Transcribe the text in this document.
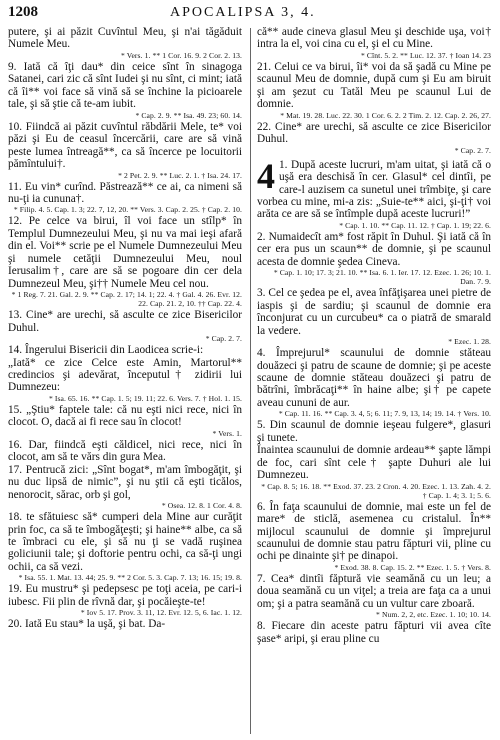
1208	APOCALIPSA 3, 4.

putere, şi ai păzit Cuvîntul Meu, şi n'ai tăgăduit Numele Meu.

* Vers. 1. ** 1 Cor. 16. 9. 2 Cor. 2. 13.

9. Iată că îţi dau* din ceice sînt în sinagoga Satanei, cari zic că sînt Iudei şi nu sînt, ci mint; iată că îi** voi face să vină să se închine la picioarele tale, şi să ştie că te-am iubit.

* Cap. 2. 9. ** Isa. 49. 23; 60. 14.

10. Fiindcă ai păzit cuvîntul răbdării Mele, te* voi păzi şi Eu de ceasul încercării, care are să vină peste lumea întreagă**, ca să încerce pe locuitorii pămîntului†.

* 2 Pet. 2. 9. ** Luc. 2. 1. † Isa. 24. 17.

11. Eu vin* curînd. Păstrează** ce ai, ca nimeni să nu-ţi ia cununa†.

* Filip. 4. 5. Cap. 1. 3; 22. 7, 12, 20. ** Vers. 3. Cap. 2. 25. † Cap. 2. 10.

12. Pe celce va birui, îl voi face un stîlp* în Templul Dumnezeului Meu, şi nu va mai ieşi afară din el. Voi** scrie pe el Numele Dumnezeului Meu şi numele cetăţii Dumnezeului Meu, noul Ierusalim†, care are să se pogoare din cer dela Dumnezeul Meu, şi†† Numele Meu cel nou.

* 1 Reg. 7. 21. Gal. 2. 9. ** Cap. 2. 17; 14. 1; 22. 4. † Gal. 4. 26. Evr. 12. 22. Cap. 21. 2, 10. †† Cap. 22. 4.

13. Cine* are urechi, să asculte ce zice Bisericilor Duhul.

* Cap. 2. 7.

14. Îngerului Bisericii din Laodicea scrie-i:

„Iată* ce zice Celce este Amin, Martorul** credincios şi adevărat, începutul† zidirii lui Dumnezeu:

* Isa. 65. 16. ** Cap. 1. 5; 19. 11; 22. 6. Vers. 7. † Hol. 1. 15.

15. „Ştiu* faptele tale: că nu eşti nici rece, nici în clocot. O, dacă ai fi rece sau în clocot!

* Vers. 1.

16. Dar, fiindcă eşti căldicel, nici rece, nici în clocot, am să te vărs din gura Mea.

17. Pentrucă zici: „Sînt bogat*, m'am îmbogăţit, şi nu duc lipsă de nimic”, şi nu ştii că eşti ticălos, nenorocit, sărac, orb şi gol,

* Osea. 12. 8. 1 Cor. 4. 8.

18. te sfătuiesc să* cumperi dela Mine aur curăţit prin foc, ca să te îmbogăţeşti; şi haine** albe, ca să te îmbraci cu ele, şi să nu ţi se vadă ruşinea goliciunii tale; şi doftorie pentru ochi, ca să-ţi ungi ochii, ca să vezi.

* Isa. 55. 1. Mat. 13. 44; 25. 9. ** 2 Cor. 5. 3. Cap. 7. 13; 16. 15; 19. 8.

19. Eu mustru* şi pedepsesc pe toţi aceia, pe cari-i iubesc. Fii plin de rîvnă dar, şi pocăieşte-te!

* Iov 5. 17. Prov. 3. 11, 12. Evr. 12. 5, 6. Iac. 1. 12.

20. Iată Eu stau* la uşă, şi bat. Da-

că** aude cineva glasul Meu şi deschide uşa, voi† intra la el, voi cina cu el, şi el cu Mine.

* Cînt. 5. 2. ** Luc. 12. 37. † Ioan 14. 23

21. Celui ce va birui, îi* voi da să şadă cu Mine pe scaunul Meu de domnie, după cum şi Eu am biruit şi am şezut cu Tatăl Meu pe scaunul Lui de domnie.

* Mat. 19. 28. Luc. 22. 30. 1 Cor. 6. 2. 2 Tim. 2. 12. Cap. 2. 26, 27.

22. Cine* are urechi, să asculte ce zice Bisericilor Duhul.

* Cap. 2. 7.

4 1. După aceste lucruri, m'am uitat, şi iată că o uşă era deschisă în cer. Glasul* cel dintîi, pe care-l auzisem ca sunetul unei trîmbiţe, şi care vorbea cu mine, mi-a zis: „Suie-te** aici, şi-ţi† voi arăta ce are să se întîmple după aceste lucruri!”

* Cap. 1. 10. ** Cap. 11. 12. † Cap. 1. 19; 22. 6.

2. Numaidecît am* fost răpit în Duhul. Şi iată că în cer era pus un scaun** de domnie, şi pe scaunul acesta de domnie şedea Cineva.

* Cap. 1. 10; 17. 3; 21. 10. ** Isa. 6. 1. Ier. 17. 12. Ezec. 1. 26; 10. 1. Dan. 7. 9.

3. Cel ce şedea pe el, avea înfăţişarea unei pietre de iaspis şi de sardiu; şi scaunul de domnie era înconjurat cu un curcubeu* ca o piatră de smarald la vedere.

* Ezec. 1. 28.

4. Împrejurul* scaunului de domnie stăteau douăzeci şi patru de scaune de domnie; şi pe aceste scaune de domnie stăteau douăzeci şi patru de bătrîni, îmbrăcaţi** în haine albe; şi† pe capete aveau cununi de aur.

* Cap. 11. 16. ** Cap. 3. 4, 5; 6. 11; 7. 9, 13, 14; 19. 14. † Vers. 10.

5. Din scaunul de domnie ieşeau fulgere*, glasuri şi tunete.

Înaintea scaunului de domnie ardeau** şapte lămpi de foc, cari sînt cele† şapte Duhuri ale lui Dumnezeu.

* Cap. 8. 5; 16. 18. ** Exod. 37. 23. 2 Cron. 4. 20. Ezec. 1. 13. Zah. 4. 2. † Cap. 1. 4; 3. 1; 5. 6.

6. În faţa scaunului de domnie, mai este un fel de mare* de sticlă, asemenea cu cristalul. În** mijlocul scaunului de domnie şi împrejurul scaunului de domnie stau patru făpturi vii, pline cu ochi pe dinainte şi† pe dinapoi.

* Exod. 38. 8. Cap. 15. 2. ** Ezec. 1. 5. † Vers. 8.

7. Cea* dintîi făptură vie seamănă cu un leu; a doua seamănă cu un viţel; a treia are faţa ca a unui om; şi a patra seamănă cu un vultur care zboară.

* Num. 2, 2, etc. Ezec. 1. 10; 10. 14.

8. Fiecare din aceste patru făpturi vii avea cîte şase* aripi, şi erau pline cu
